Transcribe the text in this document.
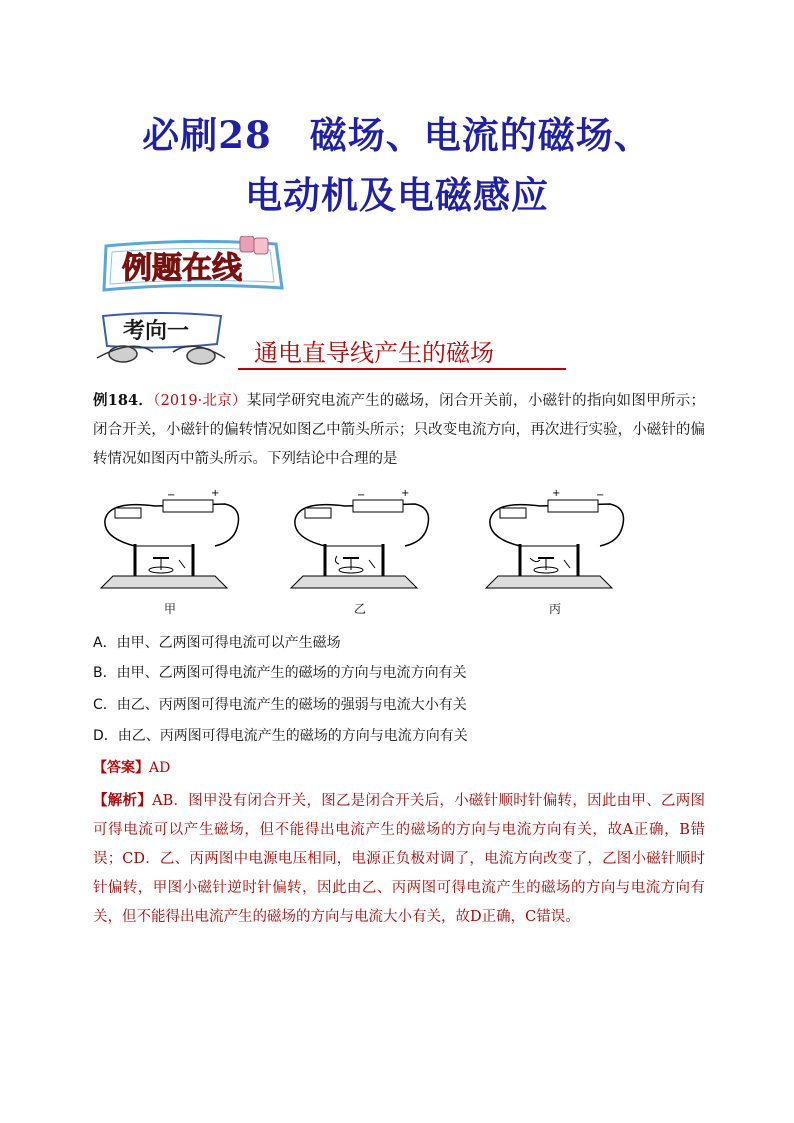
必刷28　磁场、电流的磁场、
电动机及电磁感应
例题在线
考向一
通电直导线产生的磁场
例184．（2019·北京）某同学研究电流产生的磁场，闭合开关前，小磁针的指向如图甲所示；闭合开关，小磁针的偏转情况如图乙中箭头所示；只改变电流方向，再次进行实验，小磁针的偏转情况如图丙中箭头所示。下列结论中合理的是
−	+
甲
−	+
乙
+	−
丙
A．由甲、乙两图可得电流可以产生磁场
B．由甲、乙两图可得电流产生的磁场的方向与电流方向有关
C．由乙、丙两图可得电流产生的磁场的强弱与电流大小有关
D．由乙、丙两图可得电流产生的磁场的方向与电流方向有关
【答案】AD
【解析】AB．图甲没有闭合开关，图乙是闭合开关后，小磁针顺时针偏转，因此由甲、乙两图可得电流可以产生磁场，但不能得出电流产生的磁场的方向与电流方向有关，故A正确，B错误；CD．乙、丙两图中电源电压相同，电源正负极对调了，电流方向改变了，乙图小磁针顺时针偏转，甲图小磁针逆时针偏转，因此由乙、丙两图可得电流产生的磁场的方向与电流方向有关，但不能得出电流产生的磁场的方向与电流大小有关，故D正确，C错误。
